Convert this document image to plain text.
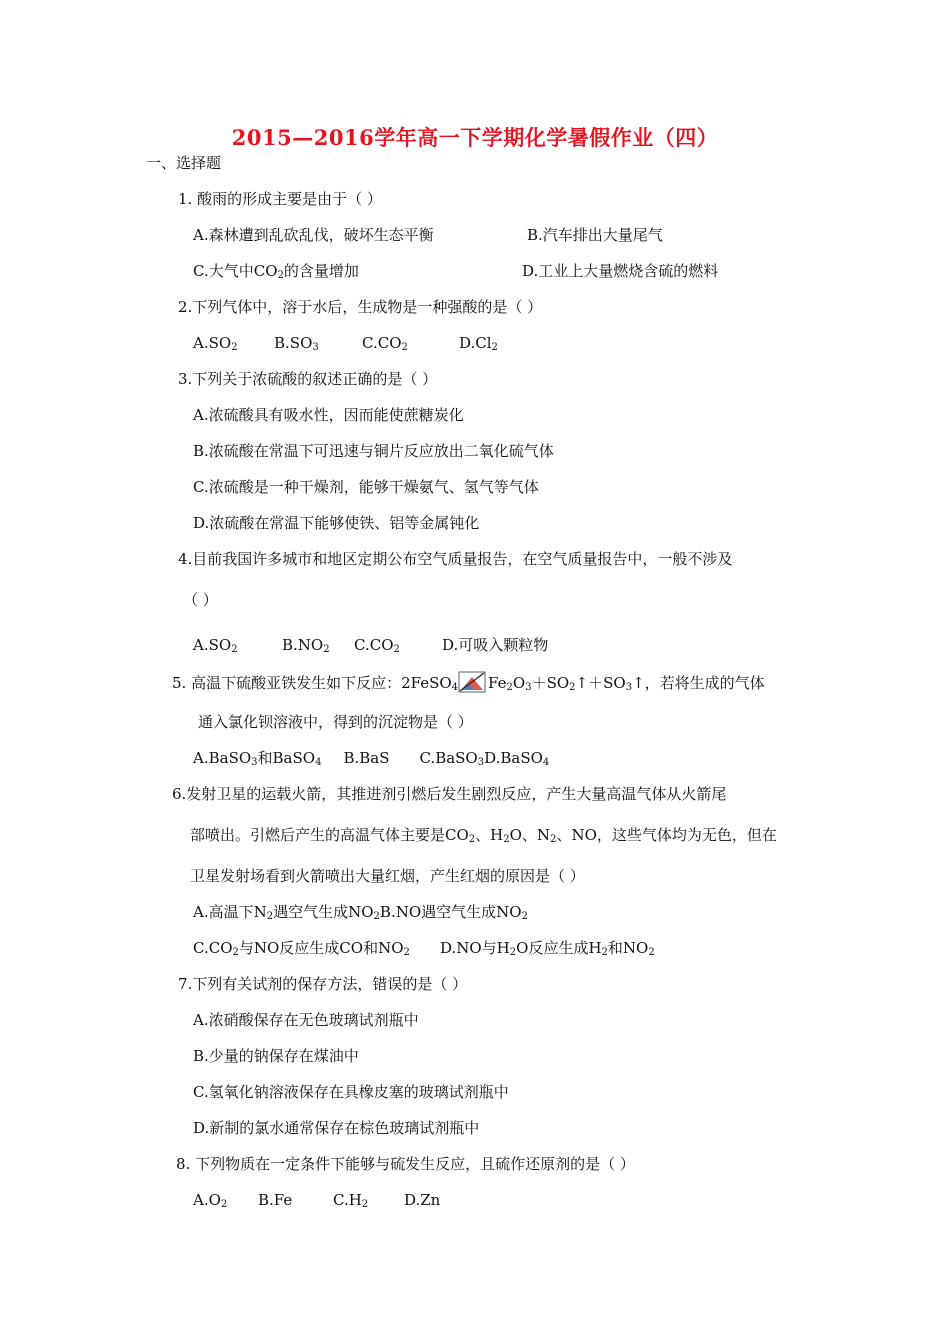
2015—2016学年高一下学期化学暑假作业（四）
一、选择题
1. 酸雨的形成主要是由于（ ）
A.森林遭到乱砍乱伐，破坏生态平衡	B.汽车排出大量尾气
C.大气中$CO_2$的含量增加	D.工业上大量燃烧含硫的燃料
2.下列气体中，溶于水后，生成物是一种强酸的是（ ）
$A.SO_2$ $B.SO_3$	$C.CO_2$	$D.Cl_2$
3.下列关于浓硫酸的叙述正确的是（ ）
A.浓硫酸具有吸水性，因而能使蔗糖炭化
B.浓硫酸在常温下可迅速与铜片反应放出二氧化硫气体
C.浓硫酸是一种干燥剂，能够干燥氨气、氢气等气体
D.浓硫酸在常温下能够使铁、铝等金属钝化
4.目前我国许多城市和地区定期公布空气质量报告，在空气质量报告中，一般不涉及
（ ）
$A.SO_2$	$B.NO_2$ $C.CO_2$	D.可吸入颗粒物
5. 高温下硫酸亚铁发生如下反应：2FeSO$_4$ $Fe_2O_3+SO_2↑+SO_3↑$，若将生成的气体
通入氯化钡溶液中，得到的沉淀物是（ ）
A.BaSO$_3$和BaSO$_4$ B.BaS C.BaSO$_3$D.BaSO$_4$
6.发射卫星的运载火箭，其推进剂引燃后发生剧烈反应，产生大量高温气体从火箭尾
部喷出。引燃后产生的高温气体主要是$CO_2$、$H_2O$、$N_2$、NO，这些气体均为无色，但在
卫星发射场看到火箭喷出大量红烟，产生红烟的原因是（ ）
A.高温下$N_2$遇空气生成$NO_2B.NO$遇空气生成$NO_2$
$C.CO_2$与NO反应生成CO和$NO_2$ D.NO与$H_2O$反应生成$H_2$和$NO_2$
7.下列有关试剂的保存方法，错误的是（ ）
A.浓硝酸保存在无色玻璃试剂瓶中
B.少量的钠保存在煤油中
C.氢氧化钠溶液保存在具橡皮塞的玻璃试剂瓶中
D.新制的氯水通常保存在棕色玻璃试剂瓶中
8. 下列物质在一定条件下能够与硫发生反应，且硫作还原剂的是（ ）
$A.O_2$ B.Fe	$C.H_2$ D.Zn
